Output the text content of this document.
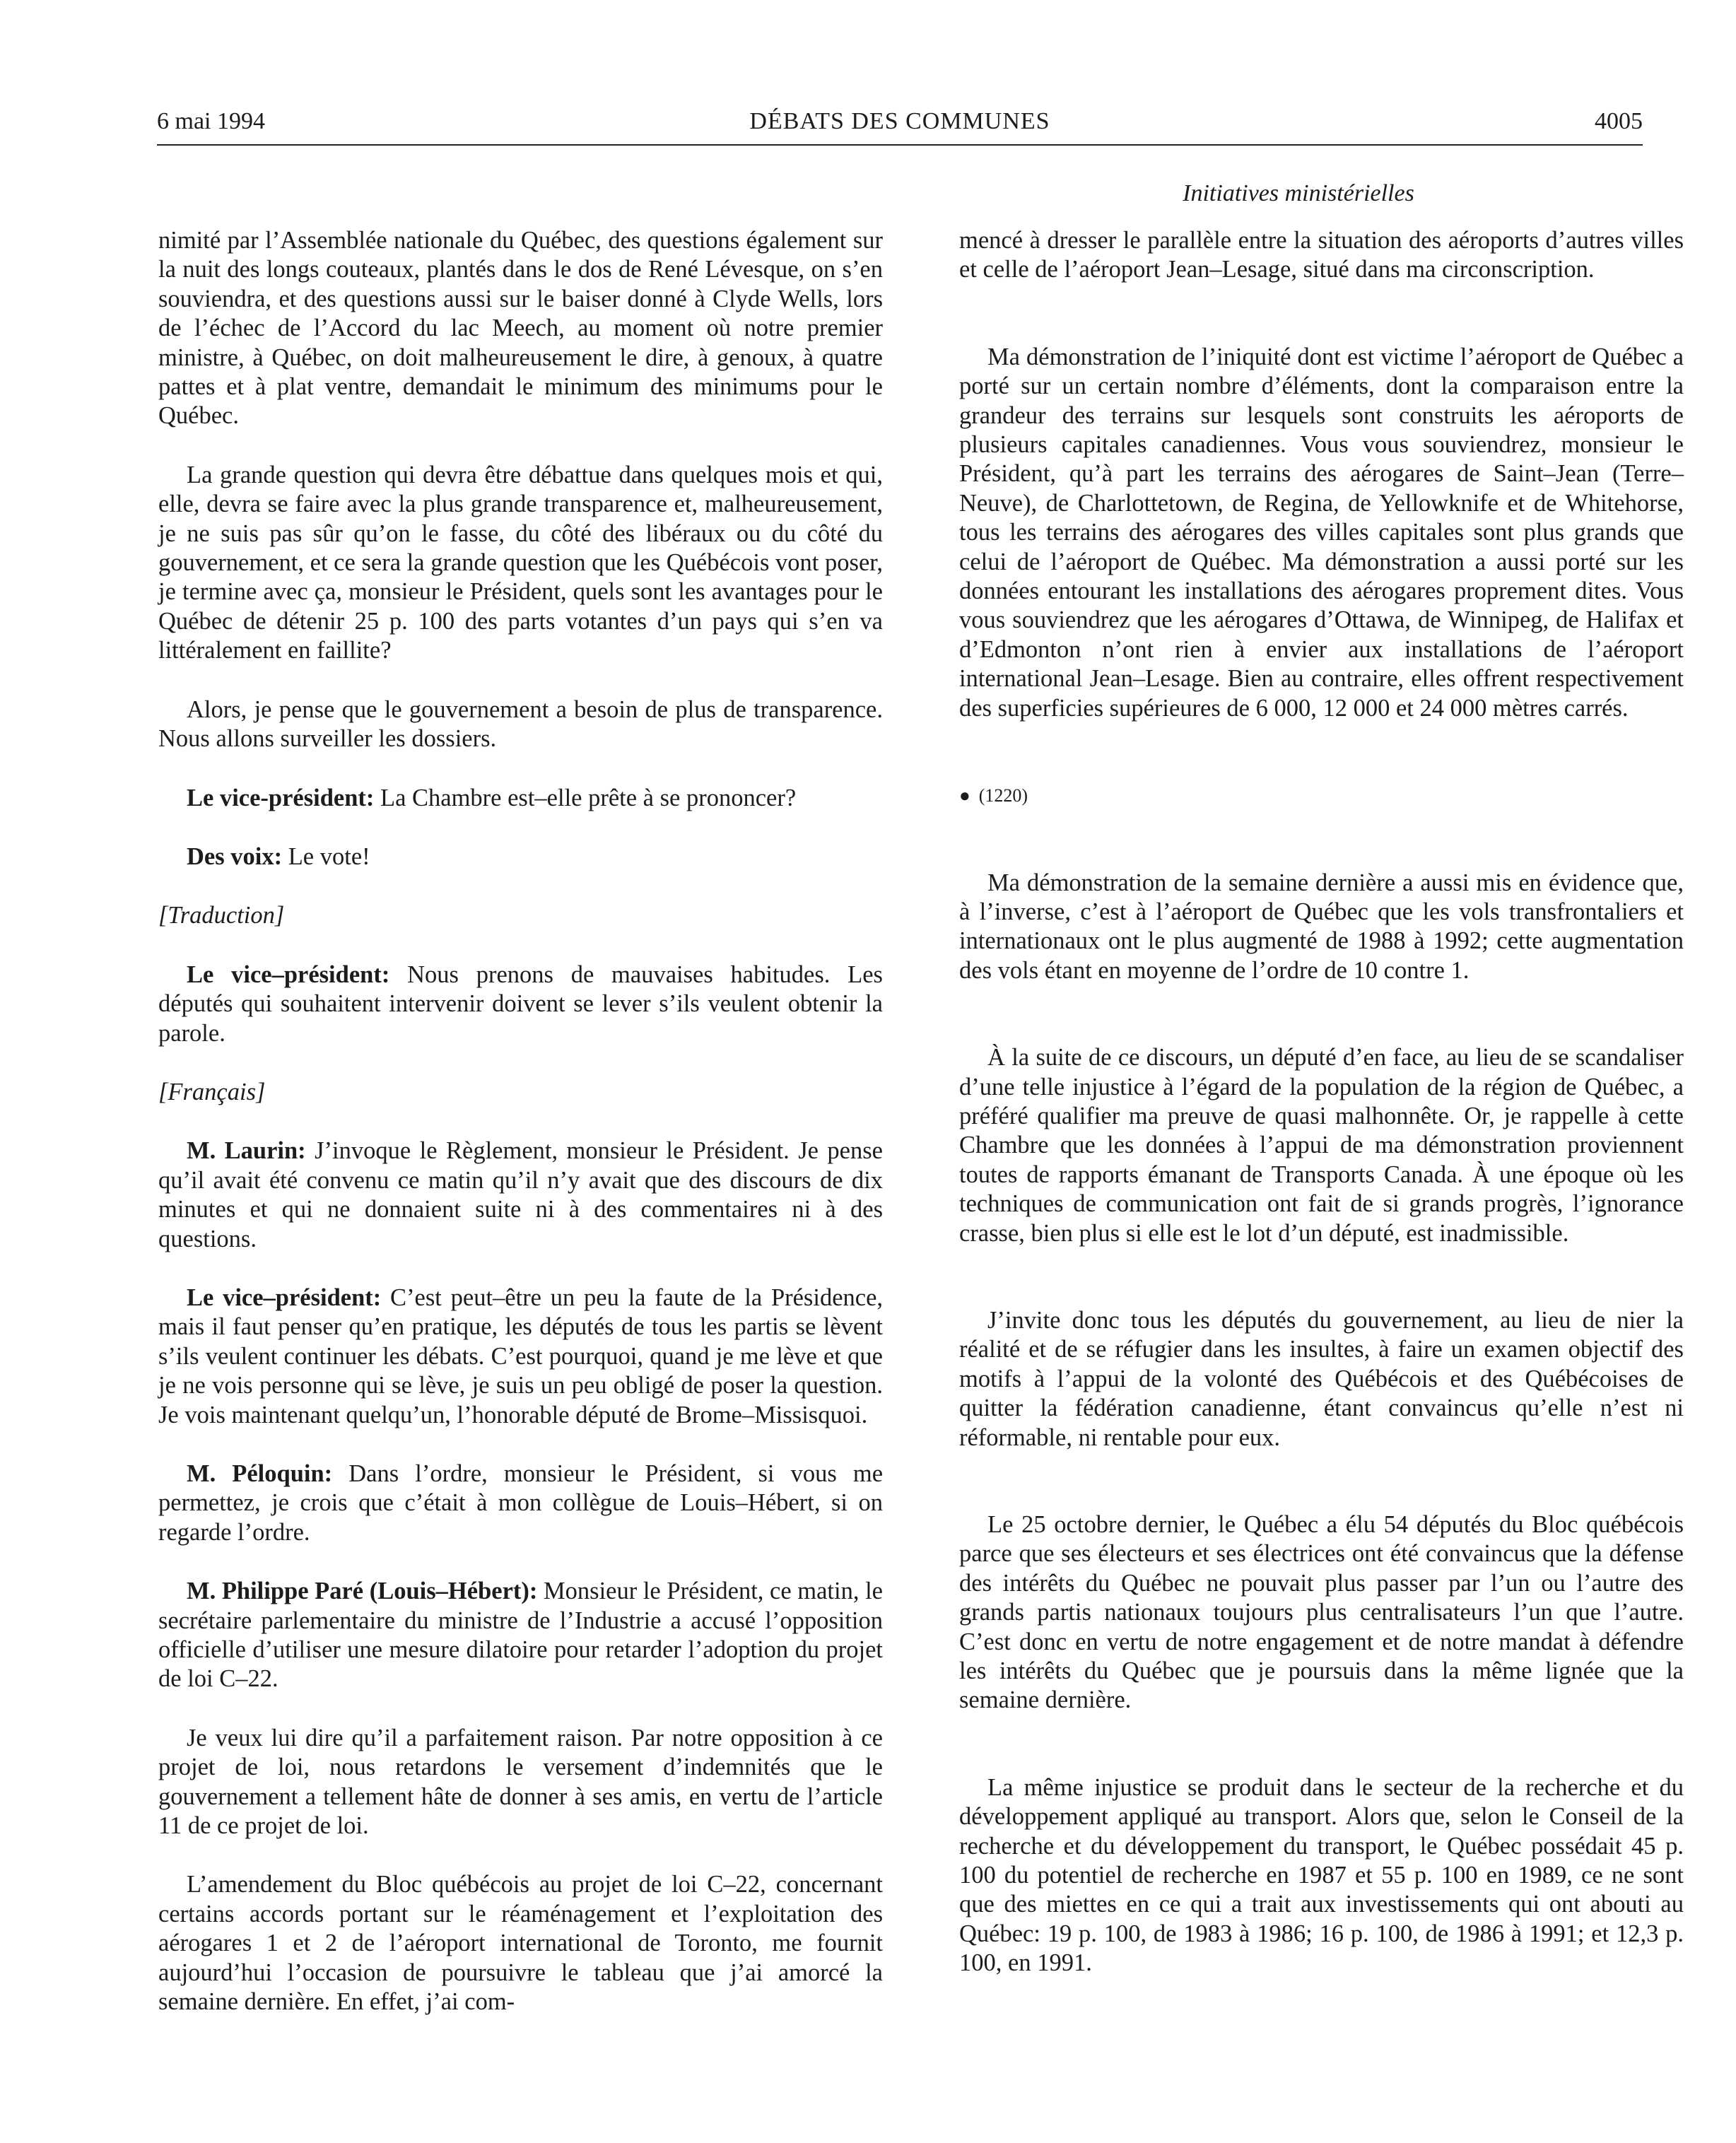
6 mai 1994	DÉBATS DES COMMUNES	4005
Initiatives ministérielles

nimité par l’Assemblée nationale du Québec, des questions également sur la nuit des longs couteaux, plantés dans le dos de René Lévesque, on s’en souviendra, et des questions aussi sur le baiser donné à Clyde Wells, lors de l’échec de l’Accord du lac Meech, au moment où notre premier ministre, à Québec, on doit malheureusement le dire, à genoux, à quatre pattes et à plat ventre, demandait le minimum des minimums pour le Québec.

La grande question qui devra être débattue dans quelques mois et qui, elle, devra se faire avec la plus grande transparence et, malheureusement, je ne suis pas sûr qu’on le fasse, du côté des libéraux ou du côté du gouvernement, et ce sera la grande question que les Québécois vont poser, je termine avec ça, monsieur le Président, quels sont les avantages pour le Québec de détenir 25 p. 100 des parts votantes d’un pays qui s’en va littéralement en faillite?

Alors, je pense que le gouvernement a besoin de plus de transparence. Nous allons surveiller les dossiers.

Le vice-président: La Chambre est–elle prête à se prononcer?

Des voix: Le vote!

[Traduction]

Le vice–président: Nous prenons de mauvaises habitudes. Les députés qui souhaitent intervenir doivent se lever s’ils veulent obtenir la parole.

[Français]

M. Laurin: J’invoque le Règlement, monsieur le Président. Je pense qu’il avait été convenu ce matin qu’il n’y avait que des discours de dix minutes et qui ne donnaient suite ni à des commentaires ni à des questions.

Le vice–président: C’est peut–être un peu la faute de la Présidence, mais il faut penser qu’en pratique, les députés de tous les partis se lèvent s’ils veulent continuer les débats. C’est pourquoi, quand je me lève et que je ne vois personne qui se lève, je suis un peu obligé de poser la question. Je vois maintenant quelqu’un, l’honorable député de Brome–Missisquoi.

M. Péloquin: Dans l’ordre, monsieur le Président, si vous me permettez, je crois que c’était à mon collègue de Louis–Hébert, si on regarde l’ordre.

M. Philippe Paré (Louis–Hébert): Monsieur le Président, ce matin, le secrétaire parlementaire du ministre de l’Industrie a accusé l’opposition officielle d’utiliser une mesure dilatoire pour retarder l’adoption du projet de loi C–22.

Je veux lui dire qu’il a parfaitement raison. Par notre opposition à ce projet de loi, nous retardons le versement d’indemnités que le gouvernement a tellement hâte de donner à ses amis, en vertu de l’article 11 de ce projet de loi.

L’amendement du Bloc québécois au projet de loi C–22, concernant certains accords portant sur le réaménagement et l’exploitation des aérogares 1 et 2 de l’aéroport international de Toronto, me fournit aujourd’hui l’occasion de poursuivre le tableau que j’ai amorcé la semaine dernière. En effet, j’ai com-

mencé à dresser le parallèle entre la situation des aéroports d’autres villes et celle de l’aéroport Jean–Lesage, situé dans ma circonscription.

Ma démonstration de l’iniquité dont est victime l’aéroport de Québec a porté sur un certain nombre d’éléments, dont la comparaison entre la grandeur des terrains sur lesquels sont construits les aéroports de plusieurs capitales canadiennes. Vous vous souviendrez, monsieur le Président, qu’à part les terrains des aérogares de Saint–Jean (Terre–Neuve), de Charlottetown, de Regina, de Yellowknife et de Whitehorse, tous les terrains des aérogares des villes capitales sont plus grands que celui de l’aéroport de Québec. Ma démonstration a aussi porté sur les données entourant les installations des aérogares proprement dites. Vous vous souviendrez que les aérogares d’Ottawa, de Winnipeg, de Halifax et d’Edmonton n’ont rien à envier aux installations de l’aéroport international Jean–Lesage. Bien au contraire, elles offrent respectivement des superficies supérieures de 6 000, 12 000 et 24 000 mètres carrés.

● (1220)

Ma démonstration de la semaine dernière a aussi mis en évidence que, à l’inverse, c’est à l’aéroport de Québec que les vols transfrontaliers et internationaux ont le plus augmenté de 1988 à 1992; cette augmentation des vols étant en moyenne de l’ordre de 10 contre 1.

À la suite de ce discours, un député d’en face, au lieu de se scandaliser d’une telle injustice à l’égard de la population de la région de Québec, a préféré qualifier ma preuve de quasi malhonnête. Or, je rappelle à cette Chambre que les données à l’appui de ma démonstration proviennent toutes de rapports émanant de Transports Canada. À une époque où les techniques de communication ont fait de si grands progrès, l’ignorance crasse, bien plus si elle est le lot d’un député, est inadmissible.

J’invite donc tous les députés du gouvernement, au lieu de nier la réalité et de se réfugier dans les insultes, à faire un examen objectif des motifs à l’appui de la volonté des Québécois et des Québécoises de quitter la fédération canadienne, étant convaincus qu’elle n’est ni réformable, ni rentable pour eux.

Le 25 octobre dernier, le Québec a élu 54 députés du Bloc québécois parce que ses électeurs et ses électrices ont été convaincus que la défense des intérêts du Québec ne pouvait plus passer par l’un ou l’autre des grands partis nationaux toujours plus centralisateurs l’un que l’autre. C’est donc en vertu de notre engagement et de notre mandat à défendre les intérêts du Québec que je poursuis dans la même lignée que la semaine dernière.

La même injustice se produit dans le secteur de la recherche et du développement appliqué au transport. Alors que, selon le Conseil de la recherche et du développement du transport, le Québec possédait 45 p. 100 du potentiel de recherche en 1987 et 55 p. 100 en 1989, ce ne sont que des miettes en ce qui a trait aux investissements qui ont abouti au Québec: 19 p. 100, de 1983 à 1986; 16 p. 100, de 1986 à 1991; et 12,3 p. 100, en 1991.
